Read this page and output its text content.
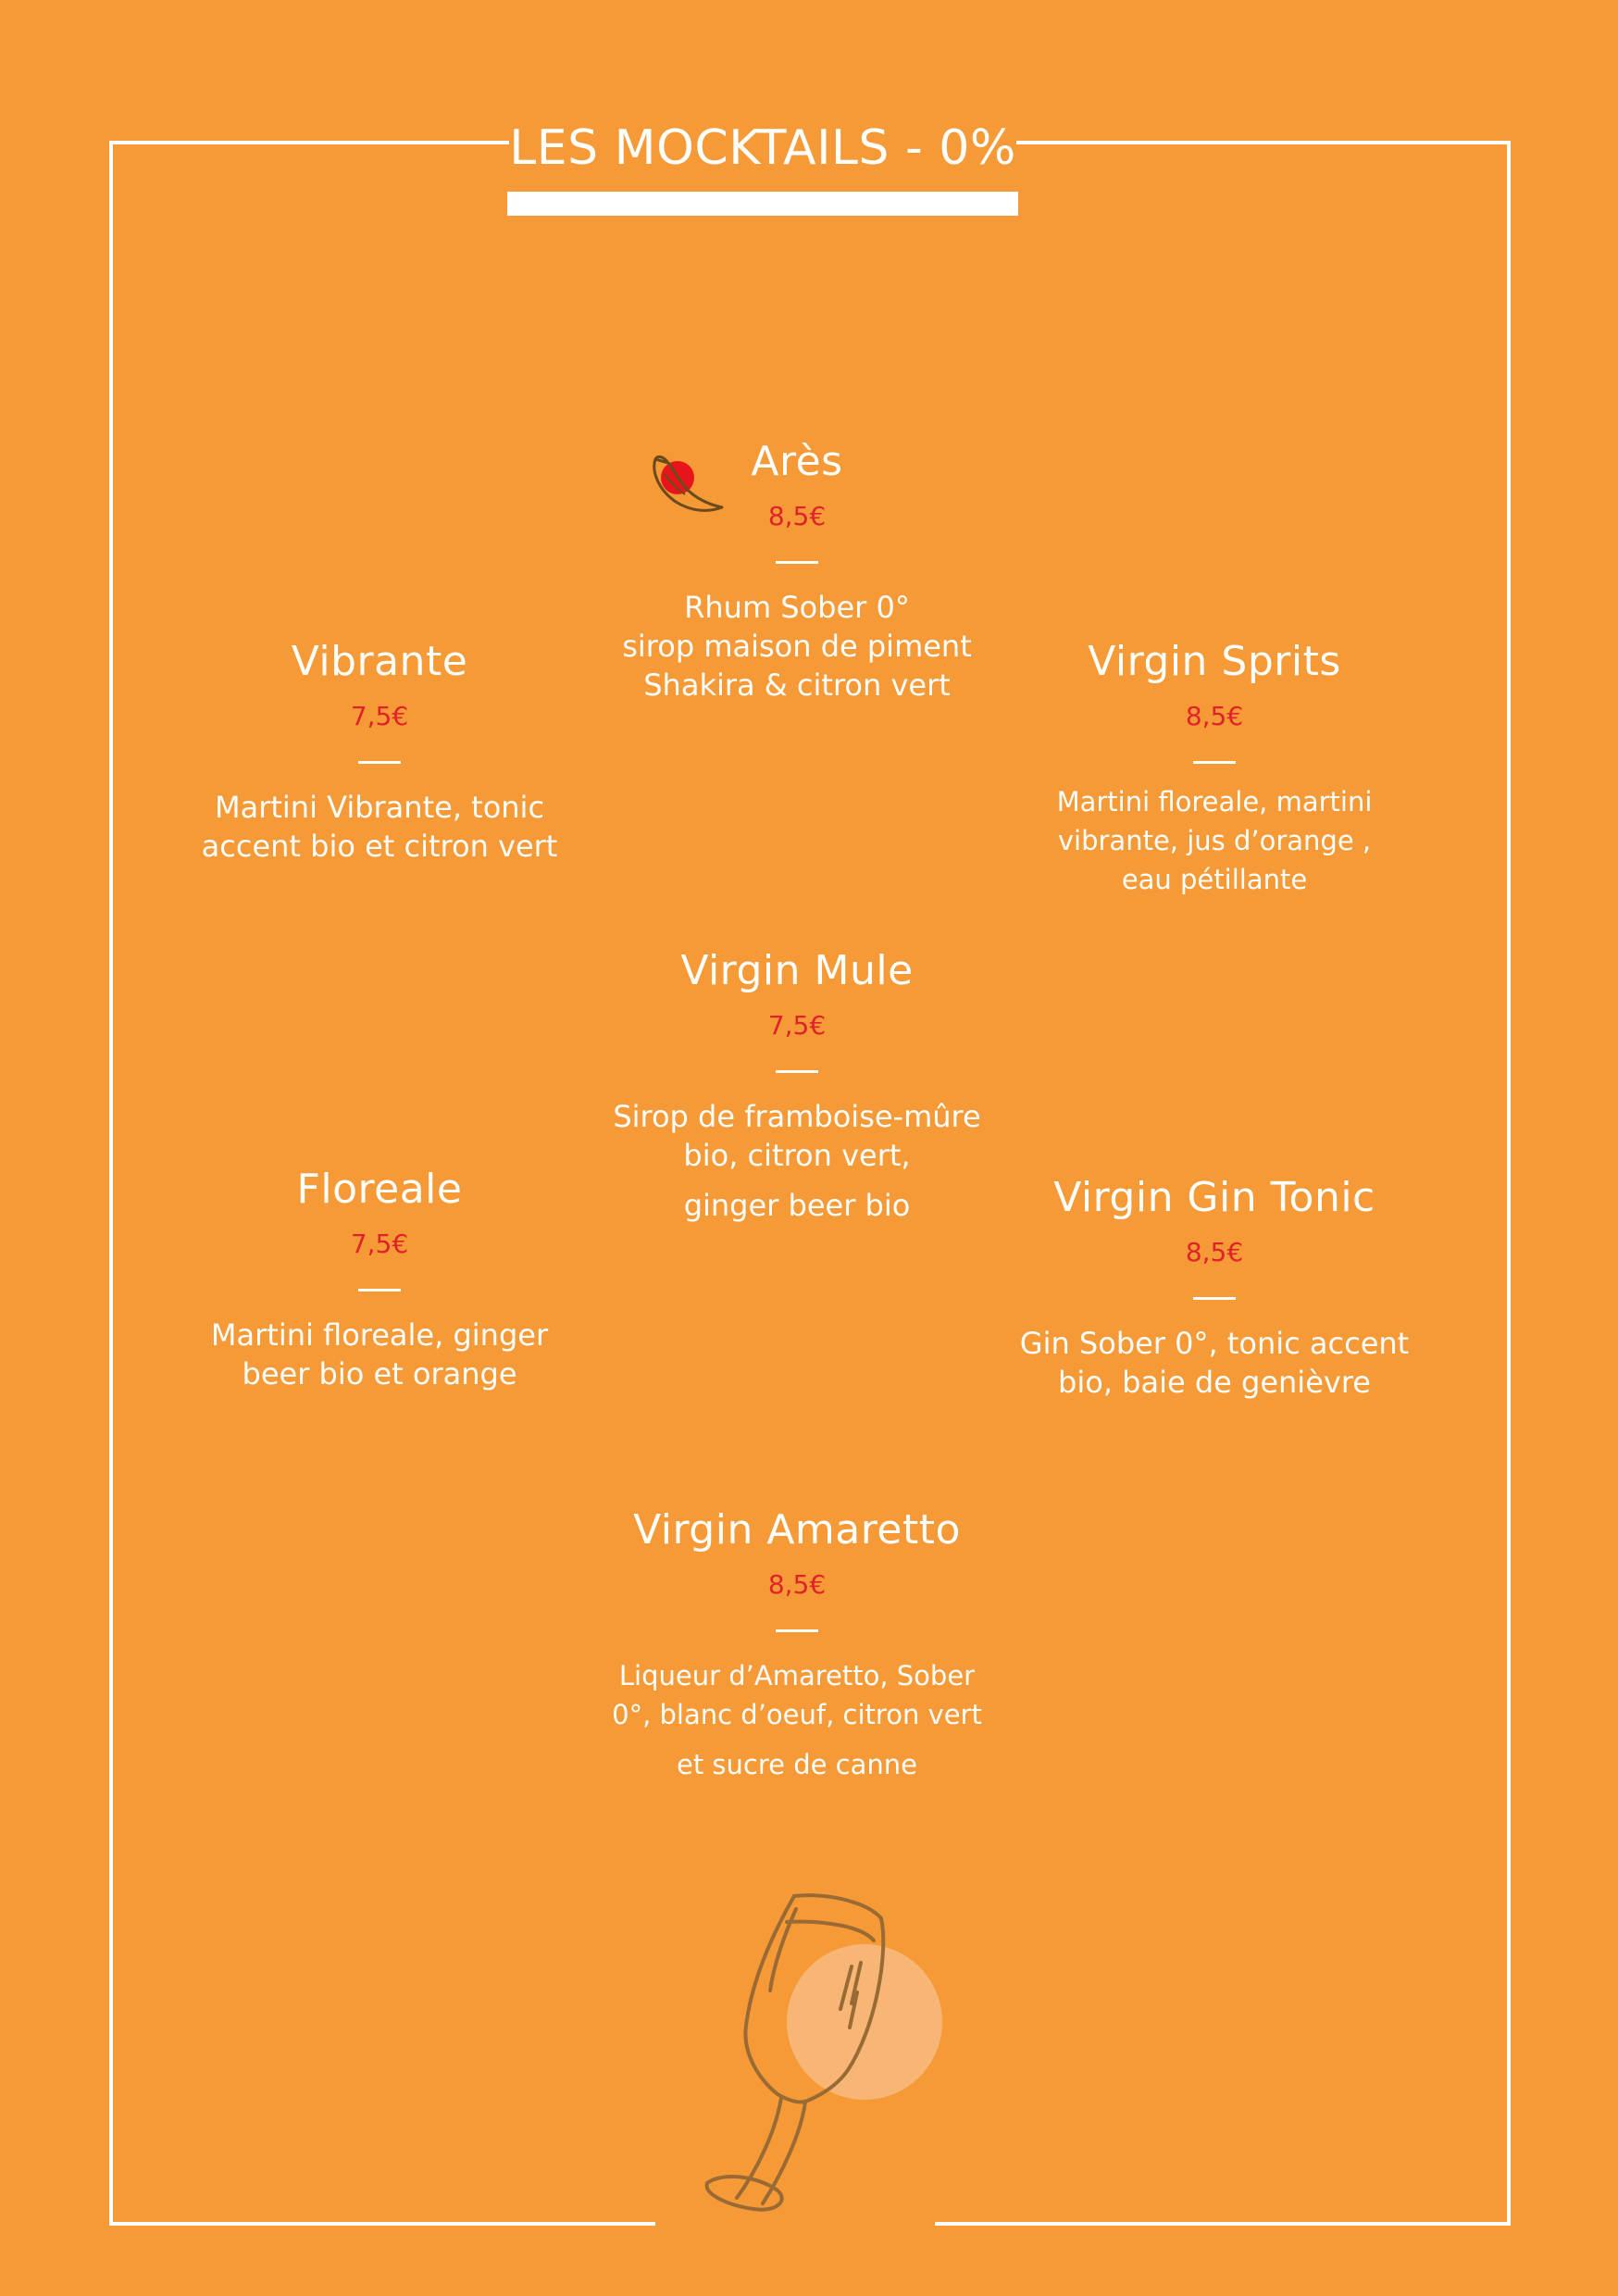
LES MOCKTAILS - 0%
Arès
8,5€
Rhum Sober 0°
sirop maison de piment
Shakira & citron vert
Vibrante
7,5€
Martini Vibrante, tonic
accent bio et citron vert
Virgin Sprits
8,5€
Martini floreale, martini
vibrante, jus d’orange ,
eau pétillante
Virgin Mule
7,5€
Sirop de framboise-mûre
bio, citron vert,
ginger beer bio
Floreale
7,5€
Martini floreale, ginger
beer bio et orange
Virgin Gin Tonic
8,5€
Gin Sober 0°, tonic accent
bio, baie de genièvre
Virgin Amaretto
8,5€
Liqueur d’Amaretto, Sober
0°, blanc d’oeuf, citron vert
et sucre de canne
